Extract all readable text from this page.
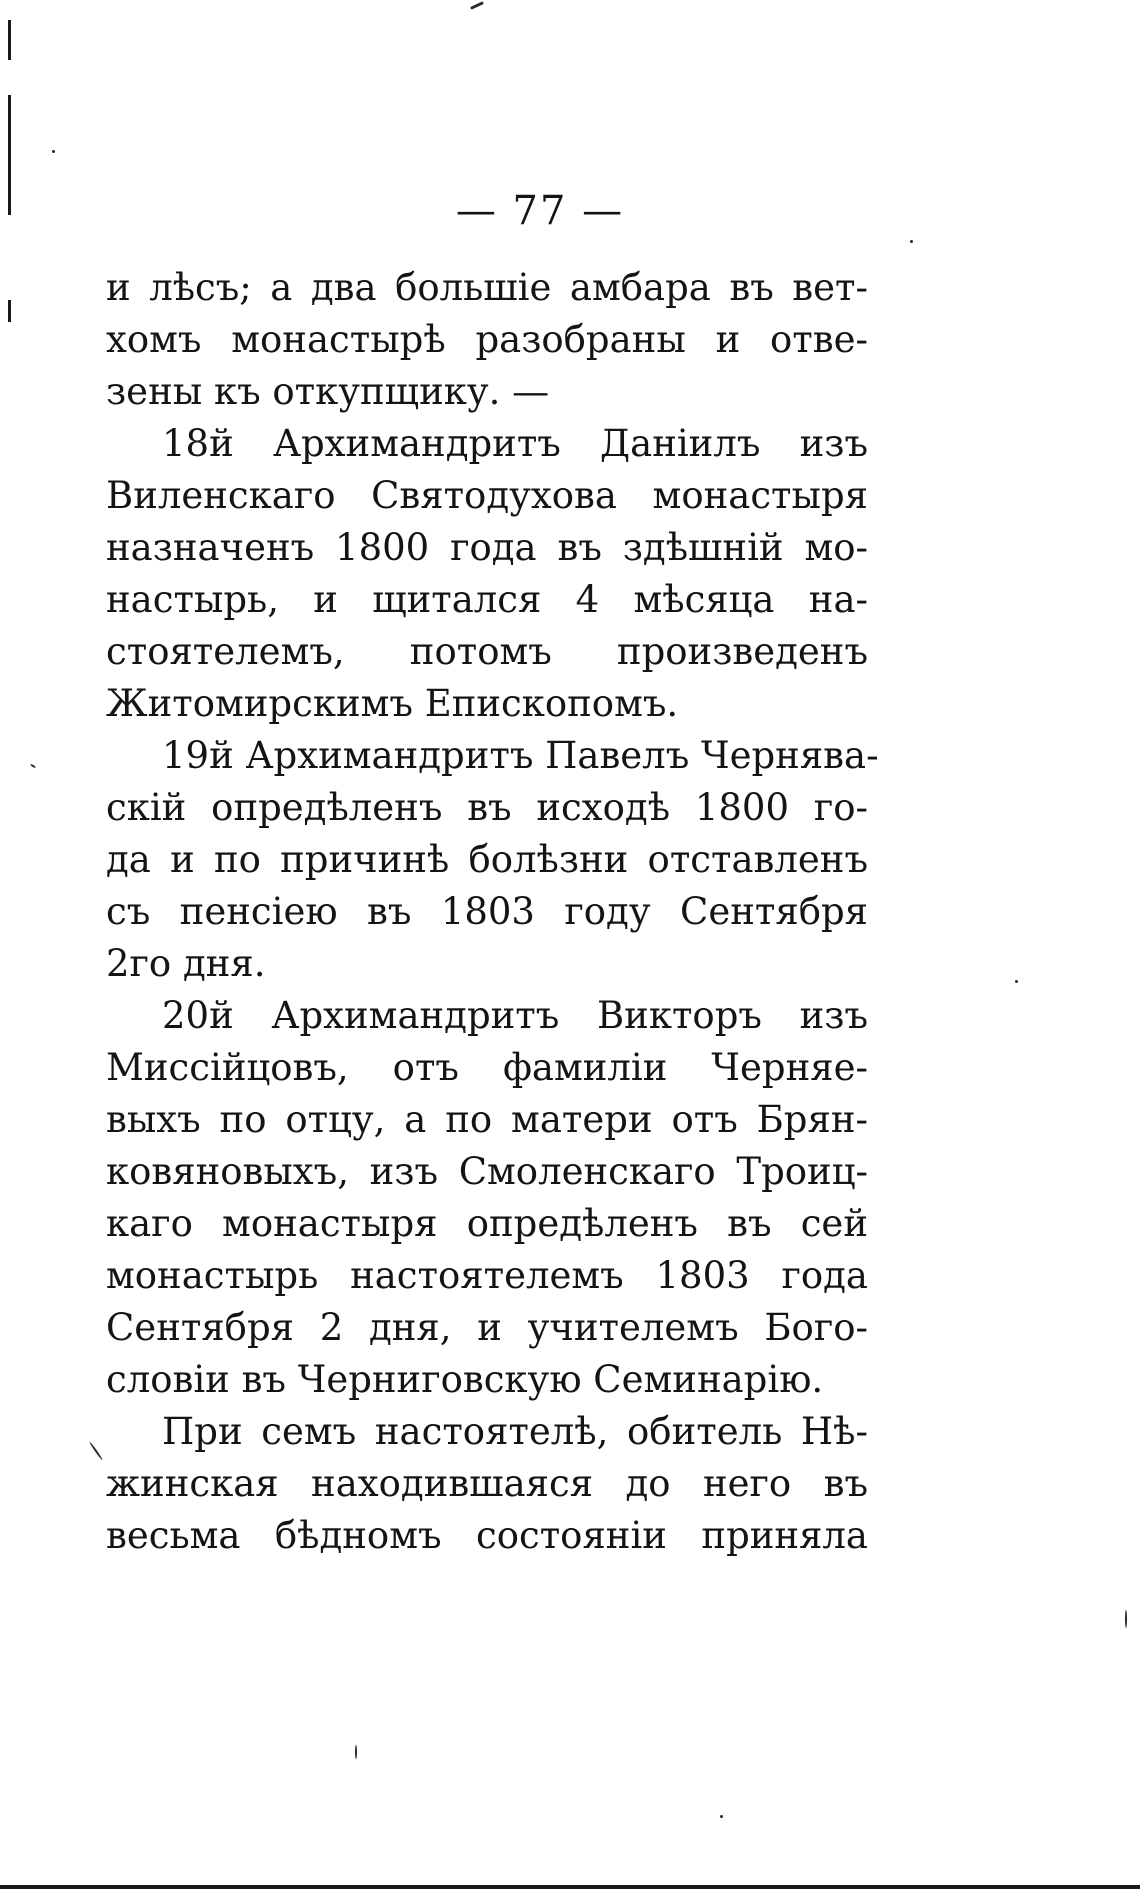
— 77 —
и лѣсъ; а два большіе амбара въ вет-
хомъ монастырѣ разобраны и отве-
зены къ откупщику. —
18й Архимандритъ Даніилъ изъ
Виленскаго Святодухова монастыря
назначенъ 1800 года въ здѣшній мо-
настырь, и щитался 4 мѣсяца на-
стоятелемъ, потомъ произведенъ
Житомирскимъ Епископомъ.
19й Архимандритъ Павелъ Чернява-
скій опредѣленъ въ исходѣ 1800 го-
да и по причинѣ болѣзни отставленъ
съ пенсіею въ 1803 году Сентября
2го дня.
20й Архимандритъ Викторъ изъ
Миссійцовъ, отъ фамиліи Черняе-
выхъ по отцу, а по матери отъ Брян-
ковяновыхъ, изъ Смоленскаго Троиц-
каго монастыря опредѣленъ въ сей
монастырь настоятелемъ 1803 года
Сентября 2 дня, и учителемъ Бого-
словіи въ Черниговскую Семинарію.
При семъ настоятелѣ, обитель Нѣ-
жинская находившаяся до него въ
весьма бѣдномъ состояніи приняла
